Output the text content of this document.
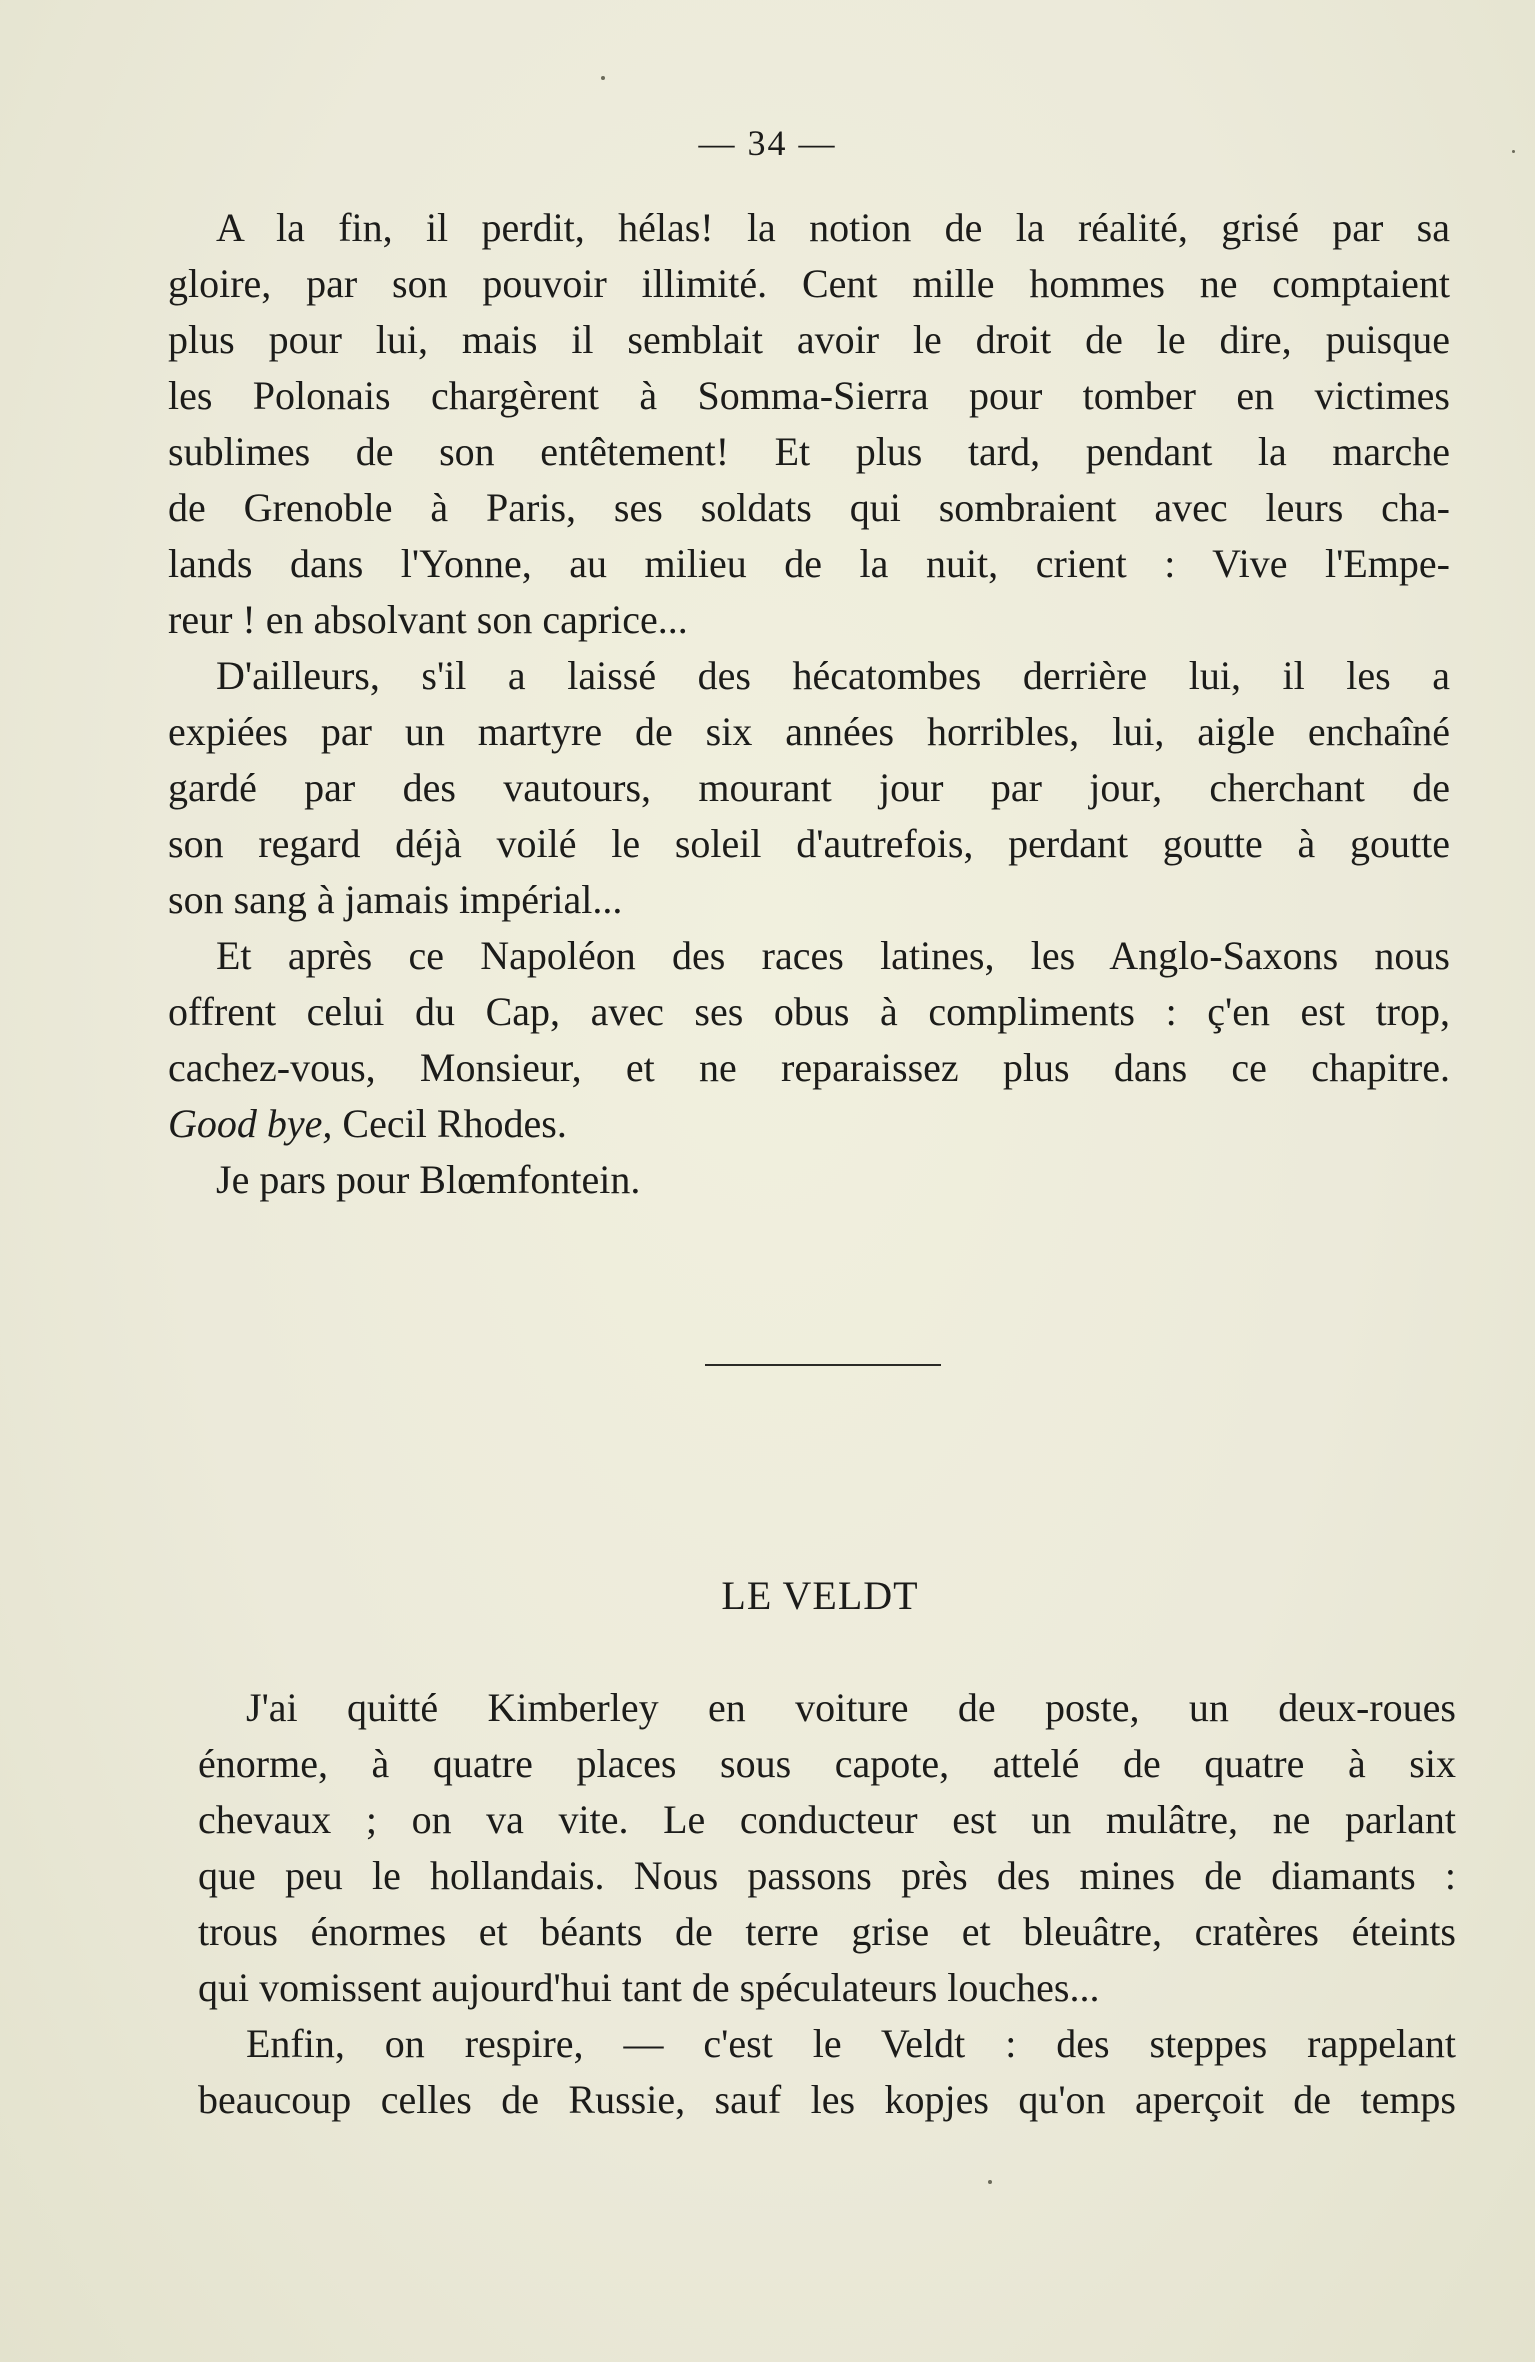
— 34 —
A la fin, il perdit, hélas! la notion de la réalité, grisé par sa
gloire, par son pouvoir illimité. Cent mille hommes ne comptaient
plus pour lui, mais il semblait avoir le droit de le dire, puisque
les Polonais chargèrent à Somma-Sierra pour tomber en victimes
sublimes de son entêtement! Et plus tard, pendant la marche
de Grenoble à Paris, ses soldats qui sombraient avec leurs cha-
lands dans l'Yonne, au milieu de la nuit, crient : Vive l'Empe-
reur ! en absolvant son caprice...
D'ailleurs, s'il a laissé des hécatombes derrière lui, il les a
expiées par un martyre de six années horribles, lui, aigle enchaîné
gardé par des vautours, mourant jour par jour, cherchant de
son regard déjà voilé le soleil d'autrefois, perdant goutte à goutte
son sang à jamais impérial...
Et après ce Napoléon des races latines, les Anglo-Saxons nous
offrent celui du Cap, avec ses obus à compliments : ç'en est trop,
cachez-vous, Monsieur, et ne reparaissez plus dans ce chapitre.
Good bye, Cecil Rhodes.
Je pars pour Blœmfontein.
LE VELDT
J'ai quitté Kimberley en voiture de poste, un deux-roues
énorme, à quatre places sous capote, attelé de quatre à six
chevaux ; on va vite. Le conducteur est un mulâtre, ne parlant
que peu le hollandais. Nous passons près des mines de diamants :
trous énormes et béants de terre grise et bleuâtre, cratères éteints
qui vomissent aujourd'hui tant de spéculateurs louches...
Enfin, on respire, — c'est le Veldt : des steppes rappelant
beaucoup celles de Russie, sauf les kopjes qu'on aperçoit de temps
